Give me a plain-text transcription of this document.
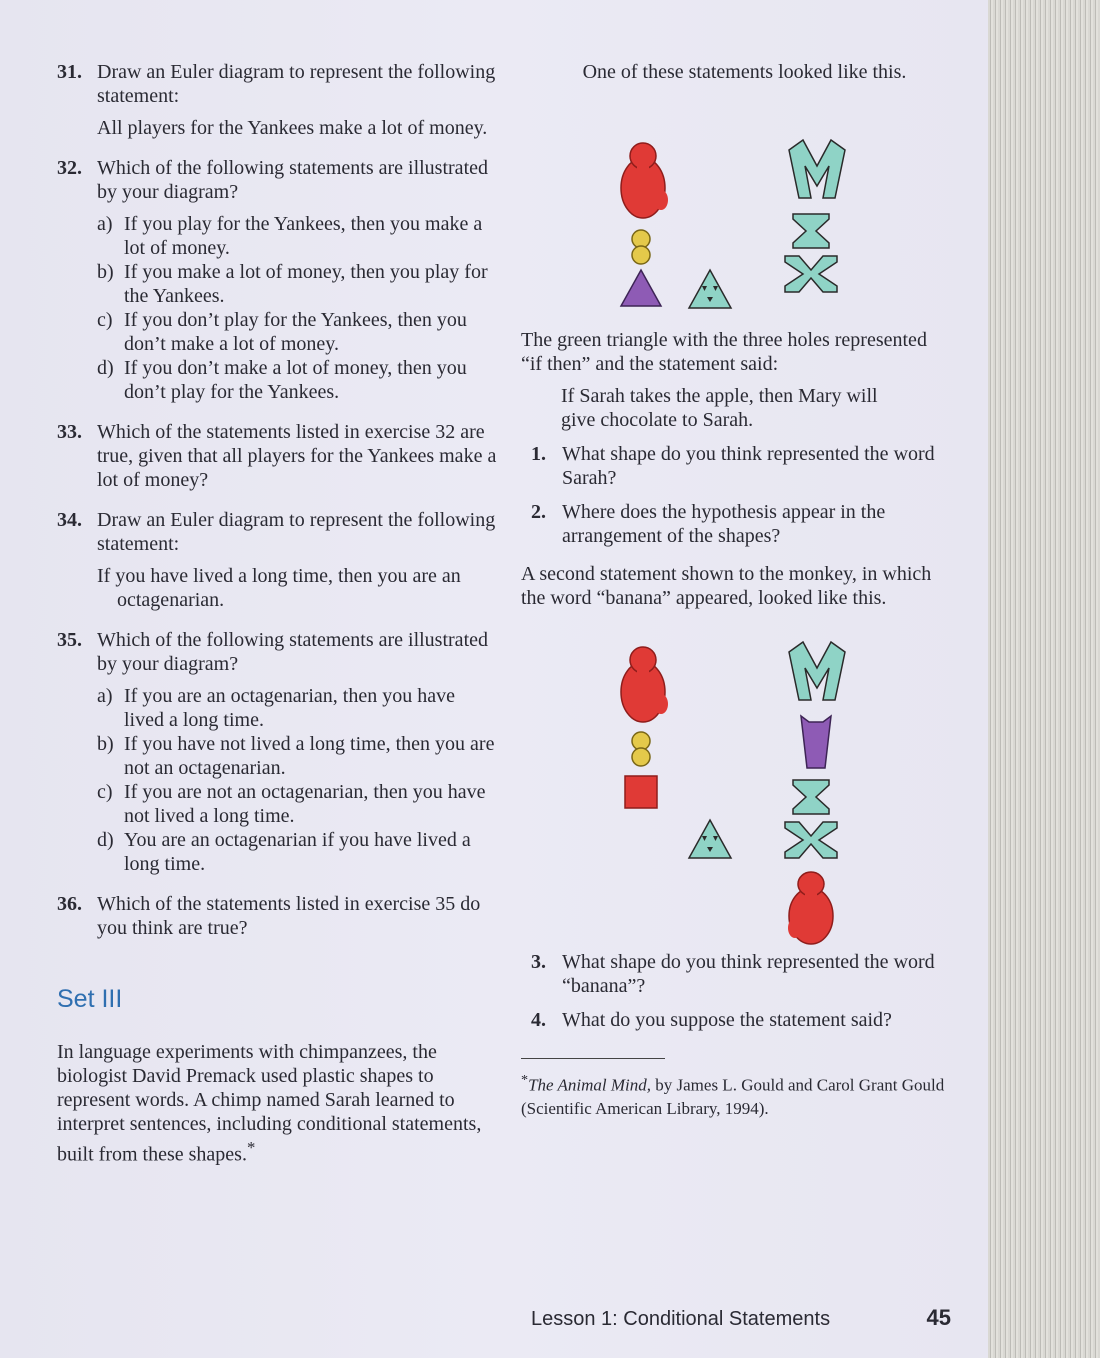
31. Draw an Euler diagram to represent the following statement:
All players for the Yankees make a lot of money.
32. Which of the following statements are illustrated by your diagram?
a) If you play for the Yankees, then you make a lot of money.
b) If you make a lot of money, then you play for the Yankees.
c) If you don’t play for the Yankees, then you don’t make a lot of money.
d) If you don’t make a lot of money, then you don’t play for the Yankees.
33. Which of the statements listed in exercise 32 are true, given that all players for the Yankees make a lot of money?
34. Draw an Euler diagram to represent the following statement:
If you have lived a long time, then you are an octagenarian.
35. Which of the following statements are illustrated by your diagram?
a) If you are an octagenarian, then you have lived a long time.
b) If you have not lived a long time, then you are not an octagenarian.
c) If you are not an octagenarian, then you have not lived a long time.
d) You are an octagenarian if you have lived a long time.
36. Which of the statements listed in exercise 35 do you think are true?
Set III

In language experiments with chimpanzees, the biologist David Premack used plastic shapes to represent words. A chimp named Sarah learned to interpret sentences, including conditional statements, built from these shapes.*

One of these statements looked like this.
The green triangle with the three holes represented “if then” and the statement said:
If Sarah takes the apple, then Mary will give chocolate to Sarah.
1. What shape do you think represented the word Sarah?
2. Where does the hypothesis appear in the arrangement of the shapes?
A second statement shown to the monkey, in which the word “banana” appeared, looked like this.
3. What shape do you think represented the word “banana”?
4. What do you suppose the statement said?
*The Animal Mind, by James L. Gould and Carol Grant Gould (Scientific American Library, 1994).
Lesson 1: Conditional Statements	45
